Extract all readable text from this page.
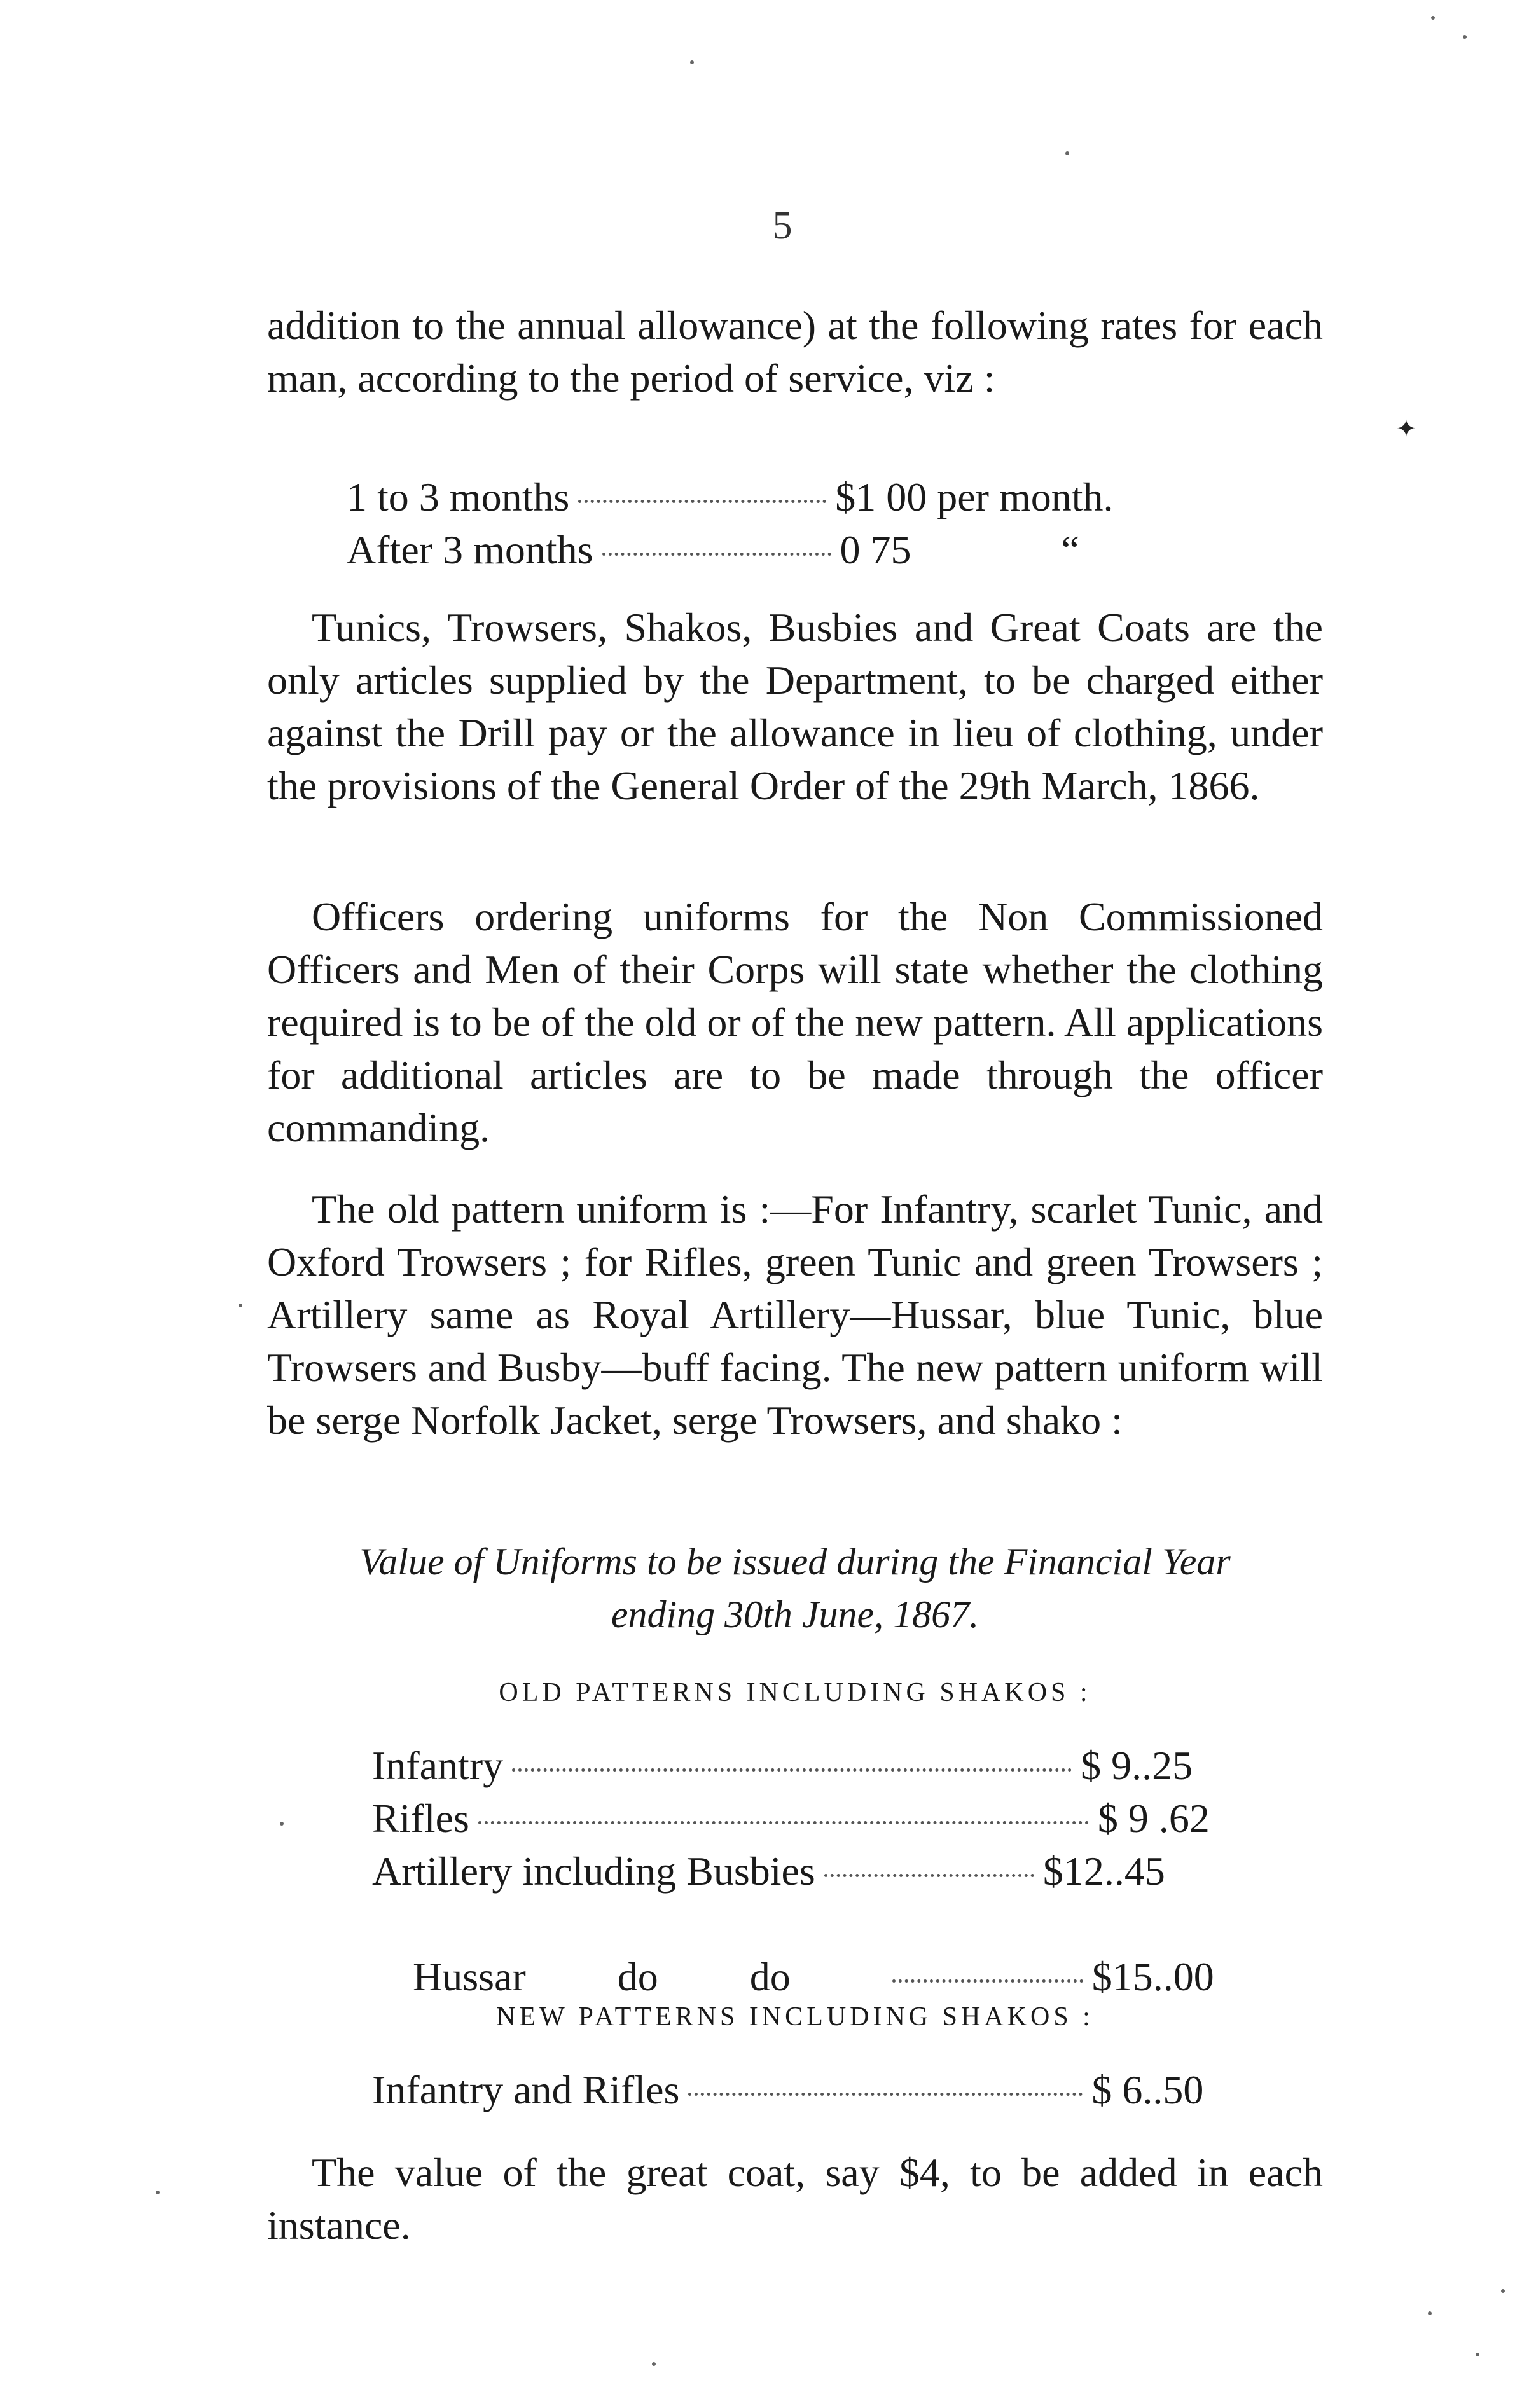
5
addition to the annual allowance) at the following rates for each man, according to the period of service, viz :
✦
1 to 3 months	$1 00 per month.
After 3 months	0 75	“
Tunics, Trowsers, Shakos, Busbies and Great Coats are the only articles supplied by the Department, to be charged either against the Drill pay or the allowance in lieu of clothing, under the provisions of the General Order of the 29th March, 1866.
Officers ordering uniforms for the Non Commissioned Officers and Men of their Corps will state whether the clothing required is to be of the old or of the new pattern. All applications for additional articles are to be made through the officer commanding.
The old pattern uniform is :—For Infantry, scarlet Tunic, and Oxford Trowsers ; for Rifles, green Tunic and green Trowsers ; Artillery same as Royal Artillery—Hussar, blue Tunic, blue Trowsers and Busby—buff facing. The new pattern uniform will be serge Norfolk Jacket, serge Trowsers, and shako :
Value of Uniforms to be issued during the Financial Year
ending 30th June, 1867.
OLD PATTERNS INCLUDING SHAKOS :
Infantry	$ 9..25
Rifles	$ 9 .62
Artillery including Busbies	$12..45

Hussar         do         do	$15..00

NEW PATTERNS INCLUDING SHAKOS :
Infantry and Rifles	$ 6..50
The value of the great coat, say $4, to be added in each instance.
